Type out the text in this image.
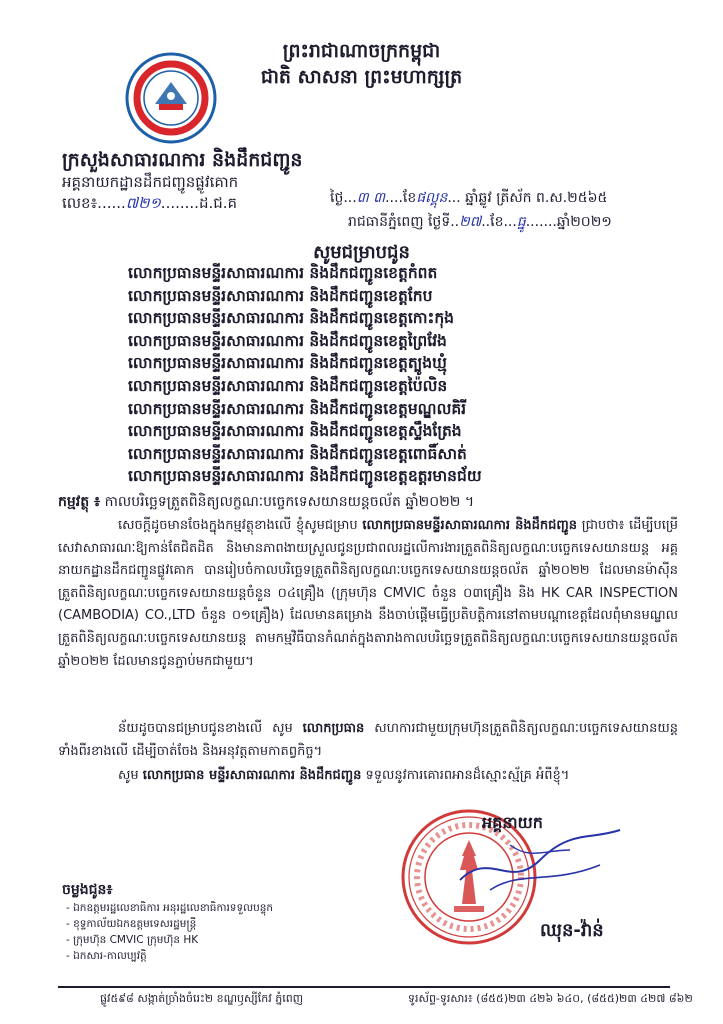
ព្រះរាជាណាចក្រកម្ពុជា
ជាតិ សាសនា ព្រះមហាក្សត្រ
ក្រសួងសាធារណការ និងដឹកជញ្ជូន
អគ្គនាយកដ្ឋានដឹកជញ្ជូនផ្លូវគោក
លេខ៖......៧២១........ដ.ជ.គ	ថ្ងៃ...៣ ៣....ខែផល្គុន... ឆ្នាំឆ្លូវ ត្រីស័ក ព.ស.២៥៦៥
រាជធានីភ្នំពេញ ថ្ងៃទី..២៧..ខែ...ធ្នូ.......ឆ្នាំ២០២១
សូមជម្រាបជូន
លោកប្រធានមន្ទីរសាធារណការ និងដឹកជញ្ជូនខេត្តកំពត
លោកប្រធានមន្ទីរសាធារណការ និងដឹកជញ្ជូនខេត្តកែប
លោកប្រធានមន្ទីរសាធារណការ និងដឹកជញ្ជូនខេត្តកោះកុង
លោកប្រធានមន្ទីរសាធារណការ និងដឹកជញ្ជូនខេត្តព្រៃវែង
លោកប្រធានមន្ទីរសាធារណការ និងដឹកជញ្ជូនខេត្តត្បូងឃ្មុំ
លោកប្រធានមន្ទីរសាធារណការ និងដឹកជញ្ជូនខេត្តប៉ៃលិន
លោកប្រធានមន្ទីរសាធារណការ និងដឹកជញ្ជូនខេត្តមណ្ឌលគិរី
លោកប្រធានមន្ទីរសាធារណការ និងដឹកជញ្ជូនខេត្តស្ទឹងត្រែង
លោកប្រធានមន្ទីរសាធារណការ និងដឹកជញ្ជូនខេត្តពោធិ៍សាត់
លោកប្រធានមន្ទីរសាធារណការ និងដឹកជញ្ជូនខេត្តឧត្ដរមានជ័យ
កម្មវត្ថុ ៖ កាលបរិច្ឆេទត្រួតពិនិត្យលក្ខណៈបច្ចេកទេសយានយន្តចល័ត ឆ្នាំ២០២២ ។
សេចក្តីដូចមានចែងក្នុងកម្មវត្ថុខាងលើ ខ្ញុំសូមជម្រាប លោកប្រធានមន្ទីរសាធារណការ និងដឹកជញ្ជូន ជ្រាបថា៖ ដើម្បីបម្រើសេវាសាធារណៈឱ្យកាន់តែជិតដិត និងមានភាពងាយស្រួលជូនប្រជាពលរដ្ឋលើការងារត្រួតពិនិត្យលក្ខណៈបច្ចេកទេសយានយន្ត អគ្គនាយកដ្ឋានដឹកជញ្ជូនផ្លូវគោក បានរៀបចំកាលបរិច្ឆេទត្រួតពិនិត្យលក្ខណៈបច្ចេកទេសយានយន្តចល័ត ឆ្នាំ២០២២ ដែលមានម៉ាស៊ីនត្រួតពិនិត្យលក្ខណៈបច្ចេកទេសយានយន្តចំនួន ០៤គ្រឿង (ក្រុមហ៊ុន CMVIC ចំនួន ០៣គ្រឿង និង HK CAR INSPECTION (CAMBODIA) CO.,LTD ចំនួន ០១គ្រឿង) ដែលមានគម្រោង នឹងចាប់ផ្តើមធ្វើប្រតិបត្តិការនៅតាមបណ្តាខេត្តដែលពុំមានមណ្ឌលត្រួតពិនិត្យលក្ខណៈបច្ចេកទេសយានយន្ត តាមកម្មវិធីបានកំណត់ក្នុងតារាងកាលបរិច្ឆេទត្រួតពិនិត្យលក្ខណៈបច្ចេកទេសយានយន្តចល័ត ឆ្នាំ២០២២ ដែលមានជូនភ្ជាប់មកជាមួយ។
ន័យដូចបានជម្រាបជូនខាងលើ សូម លោកប្រធាន សហការជាមួយក្រុមហ៊ុនត្រួតពិនិត្យលក្ខណៈបច្ចេកទេសយានយន្តទាំងពីរខាងលើ ដើម្បីចាត់ចែង និងអនុវត្តតាមកាតព្វកិច្ច។
សូម លោកប្រធាន មន្ទីរសាធារណការ និងដឹកជញ្ជូន ទទួលនូវការគោរពអានដ៏ស្មោះស្ម័គ្រ អំពីខ្ញុំ។
អគ្គនាយក
ឈុន-វ៉ាន់
ចម្លងជូន៖
- ឯកឧត្តមរដ្ឋលេខាធិការ អនុរដ្ឋលេខាធិការទទួលបន្ទុក
- ខុទ្ទកាល័យឯកឧត្តមទេសរដ្ឋមន្ត្រី
- ក្រុមហ៊ុន CMVIC ក្រុមហ៊ុន HK
- ឯកសារ-កាលប្បវត្តិ
ផ្លូវ៥៩៨ សង្កាត់ច្រាំងចំរេះ២ ខណ្ឌឫស្សីកែវ ភ្នំពេញ	ទូរស័ព្ទ-ទូរសារ៖ (៨៥៥)២៣ ៤២៦ ៦៤០, (៨៥៥)២៣ ៤២៧ ៨៦២
